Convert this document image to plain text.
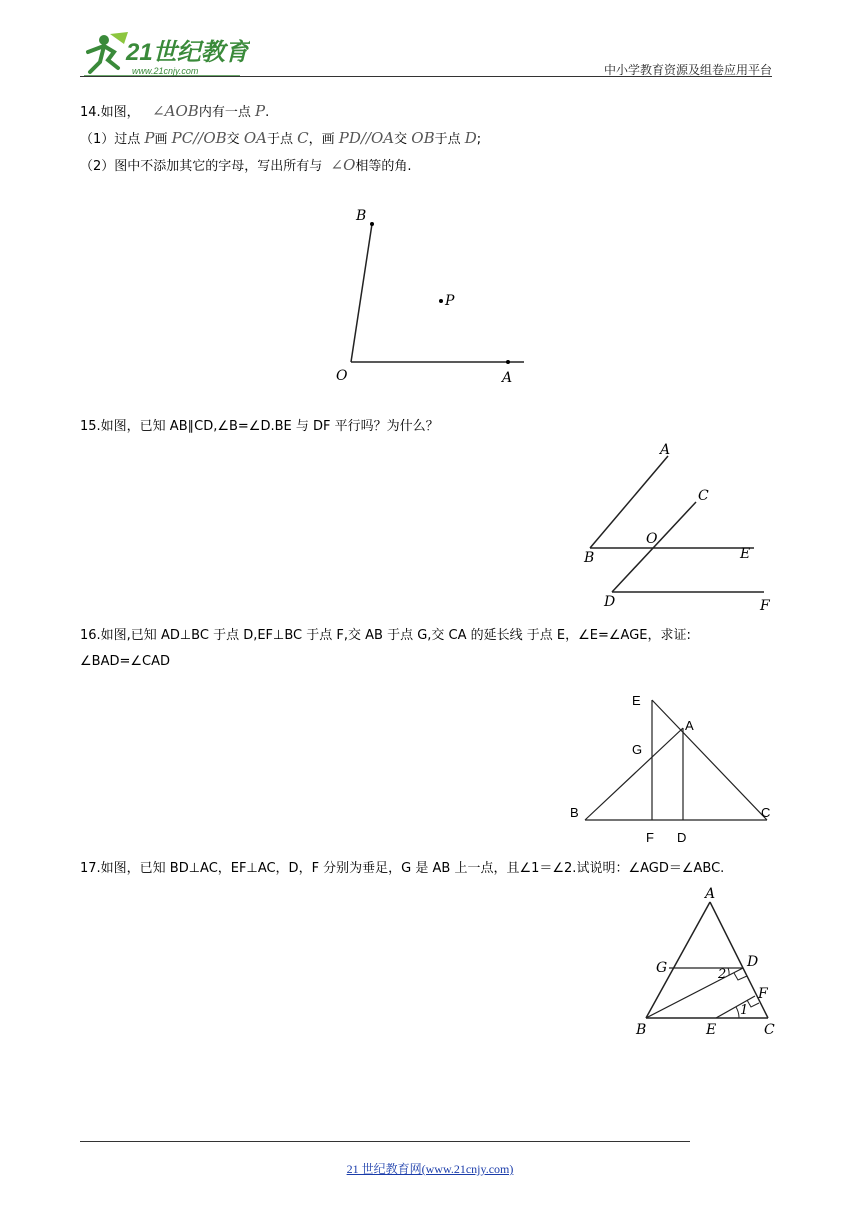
21世纪教育
www.21cnjy.com	中小学教育资源及组卷应用平台
14.如图， ∠AOB内有一点 P.
（1）过点 P画 PC//OB交 OA于点 C，画 PD//OA交 OB于点 D;
（2）图中不添加其它的字母，写出所有与 ∠O相等的角.
B
P
O	A
15.如图，已知 AB∥CD,∠B=∠D.BE 与 DF 平行吗？为什么？
A
C
O
B	E
D	F
16.如图,已知 AD⊥BC 于点 D,EF⊥BC 于点 F,交 AB 于点 G,交 CA 的延长线 于点 E，∠E=∠AGE，求证:
∠BAD=∠CAD
E
A
G
B	C
F D
17.如图，已知 BD⊥AC，EF⊥AC，D，F 分别为垂足，G 是 AB 上一点，且∠1＝∠2.试说明：∠AGD＝∠ABC.
A
G	D
2
F
1
B	E	C
21 世纪教育网(www.21cnjy.com)
